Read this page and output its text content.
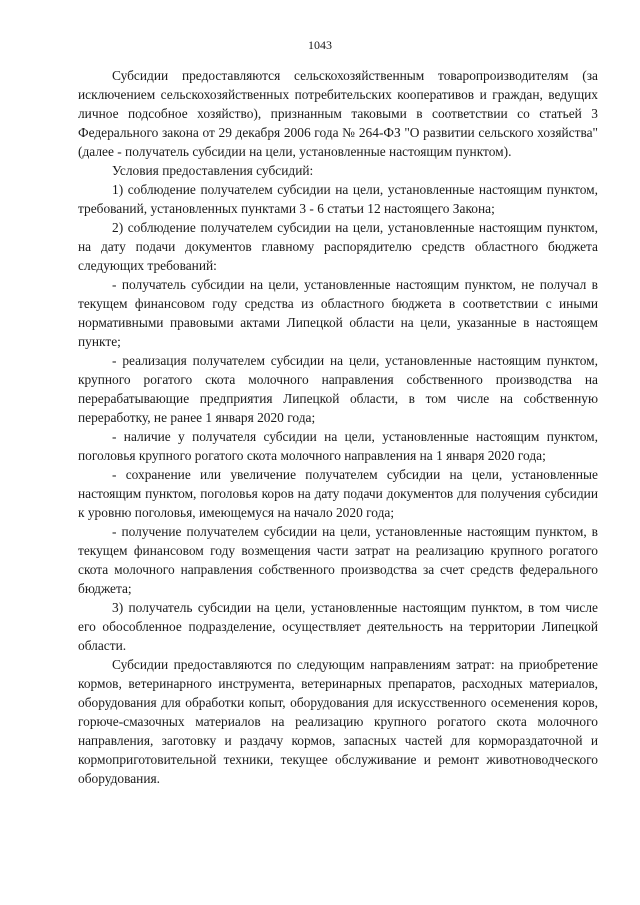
1043

Субсидии предоставляются сельскохозяйственным товаропроизводителям (за исключением сельскохозяйственных потребительских кооперативов и граждан, ведущих личное подсобное хозяйство), признанным таковыми в соответствии со статьей 3 Федерального закона от 29 декабря 2006 года № 264-ФЗ "О развитии сельского хозяйства" (далее - получатель субсидии на цели, установленные настоящим пунктом).

Условия предоставления субсидий:

1) соблюдение получателем субсидии на цели, установленные настоящим пунктом, требований, установленных пунктами 3 - 6 статьи 12 настоящего Закона;

2) соблюдение получателем субсидии на цели, установленные настоящим пунктом, на дату подачи документов главному распорядителю средств областного бюджета следующих требований:

- получатель субсидии на цели, установленные настоящим пунктом, не получал в текущем финансовом году средства из областного бюджета в соответствии с иными нормативными правовыми актами Липецкой области на цели, указанные в настоящем пункте;

- реализация получателем субсидии на цели, установленные настоящим пунктом, крупного рогатого скота молочного направления собственного производства на перерабатывающие предприятия Липецкой области, в том числе на собственную переработку, не ранее 1 января 2020 года;

- наличие у получателя субсидии на цели, установленные настоящим пунктом, поголовья крупного рогатого скота молочного направления на 1 января 2020 года;

- сохранение или увеличение получателем субсидии на цели, установленные настоящим пунктом, поголовья коров на дату подачи документов для получения субсидии к уровню поголовья, имеющемуся на начало 2020 года;

- получение получателем субсидии на цели, установленные настоящим пунктом, в текущем финансовом году возмещения части затрат на реализацию крупного рогатого скота молочного направления собственного производства за счет средств федерального бюджета;

3) получатель субсидии на цели, установленные настоящим пунктом, в том числе его обособленное подразделение, осуществляет деятельность на территории Липецкой области.

Субсидии предоставляются по следующим направлениям затрат: на приобретение кормов, ветеринарного инструмента, ветеринарных препаратов, расходных материалов, оборудования для обработки копыт, оборудования для искусственного осеменения коров, горюче-смазочных материалов на реализацию крупного рогатого скота молочного направления, заготовку и раздачу кормов, запасных частей для кормораздаточной и кормоприготовительной техники, текущее обслуживание и ремонт животноводческого оборудования.
